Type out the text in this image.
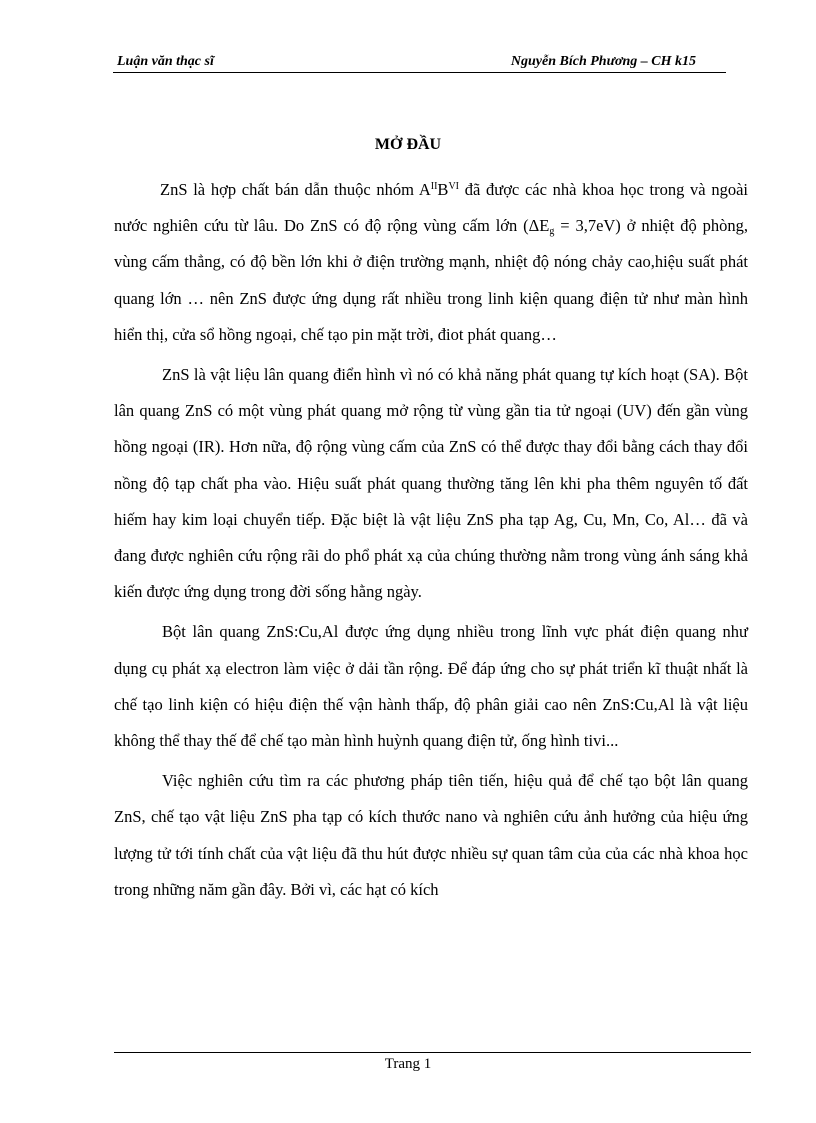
Luận văn thạc sĩ	Nguyễn Bích Phương – CH k15
MỞ ĐẦU

ZnS là hợp chất bán dẫn thuộc nhóm $A^{II}B^{VI}$ đã được các nhà khoa học trong và ngoài nước nghiên cứu từ lâu. Do ZnS có độ rộng vùng cấm lớn $(\Delta E_g = 3,7eV)$ ở nhiệt độ phòng, vùng cấm thẳng, có độ bền lớn khi ở điện trường mạnh, nhiệt độ nóng chảy cao,hiệu suất phát quang lớn … nên ZnS được ứng dụng rất nhiều trong linh kiện quang điện tử như màn hình hiển thị, cửa sổ hồng ngoại, chế tạo pin mặt trời, điot phát quang…

ZnS là vật liệu lân quang điển hình vì nó có khả năng phát quang tự kích hoạt (SA). Bột lân quang ZnS có một vùng phát quang mở rộng từ vùng gần tia tử ngoại (UV) đến gần vùng hồng ngoại (IR). Hơn nữa, độ rộng vùng cấm của ZnS có thể được thay đổi bằng cách thay đổi nồng độ tạp chất pha vào. Hiệu suất phát quang thường tăng lên khi pha thêm nguyên tố đất hiếm hay kim loại chuyển tiếp. Đặc biệt là vật liệu ZnS pha tạp Ag, Cu, Mn, Co, Al… đã và đang được nghiên cứu rộng rãi do phổ phát xạ của chúng thường nằm trong vùng ánh sáng khả kiến được ứng dụng trong đời sống hằng ngày.

Bột lân quang ZnS:Cu,Al được ứng dụng nhiều trong lĩnh vực phát điện quang như dụng cụ phát xạ electron làm việc ở dải tần rộng. Để đáp ứng cho sự phát triển kĩ thuật nhất là chế tạo linh kiện có hiệu điện thế vận hành thấp, độ phân giải cao nên ZnS:Cu,Al là vật liệu không thể thay thế để chế tạo màn hình huỳnh quang điện tử, ống hình tivi...

Việc nghiên cứu tìm ra các phương pháp tiên tiến, hiệu quả để chế tạo bột lân quang ZnS, chế tạo vật liệu ZnS pha tạp có kích thước nano và nghiên cứu ảnh hưởng của hiệu ứng lượng tử tới tính chất của vật liệu đã thu hút được nhiều sự quan tâm của của các nhà khoa học trong những năm gần đây. Bởi vì, các hạt có kích

Trang 1
